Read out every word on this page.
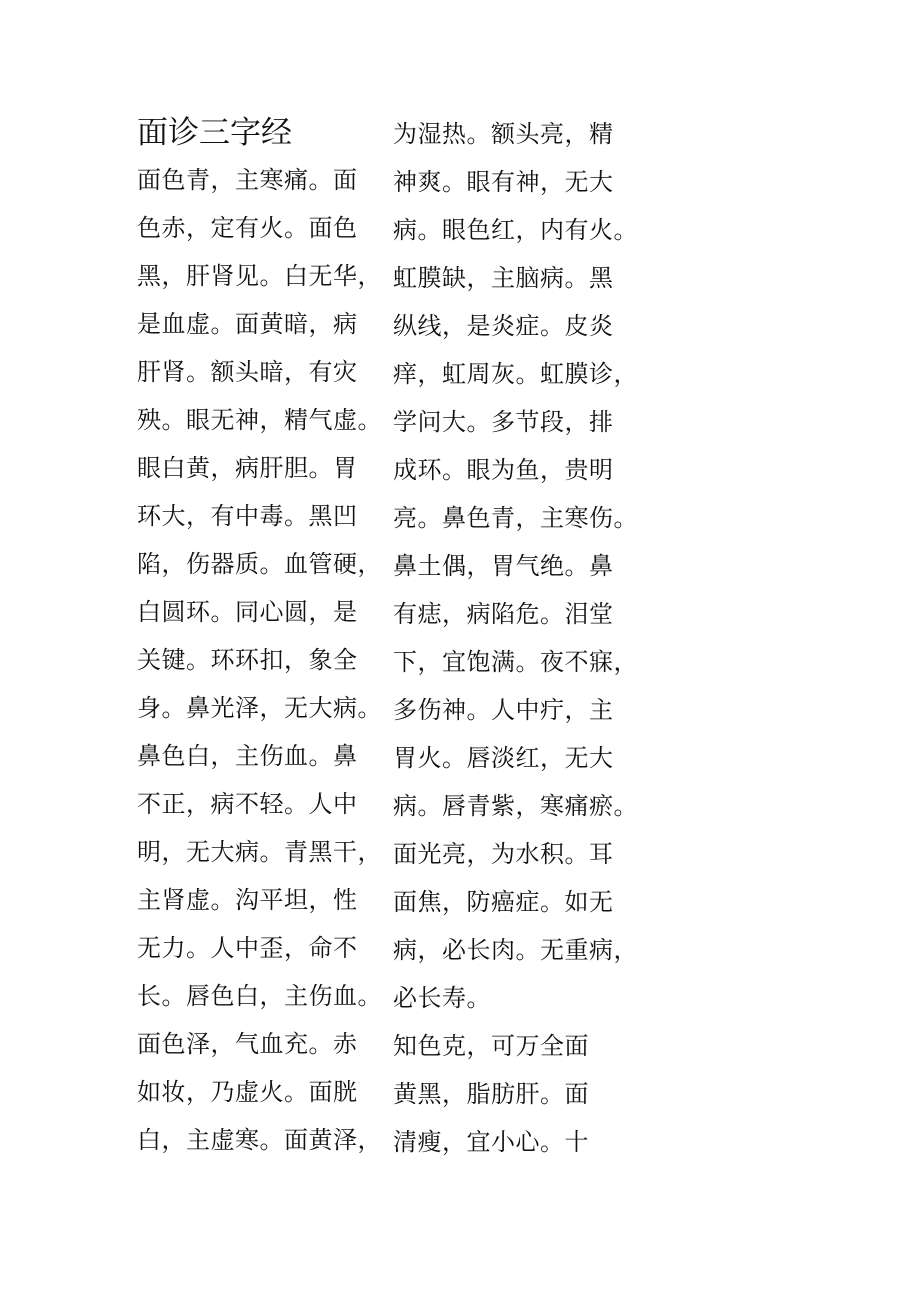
面诊三字经
面色青，主寒痛。面
色赤，定有火。面色
黑，肝肾见。白无华，
是血虚。面黄暗，病
肝肾。额头暗，有灾
殃。眼无神，精气虚。
眼白黄，病肝胆。胃
环大，有中毒。黑凹
陷，伤器质。血管硬，
白圆环。同心圆，是
关键。环环扣，象全
身。鼻光泽，无大病。
鼻色白，主伤血。鼻
不正，病不轻。人中
明，无大病。青黑干，
主肾虚。沟平坦，性
无力。人中歪，命不
长。唇色白，主伤血。
面色泽，气血充。赤
如妆，乃虚火。面胱
白，主虚寒。面黄泽，
为湿热。额头亮，精
神爽。眼有神，无大
病。眼色红，内有火。
虹膜缺，主脑病。黑
纵线，是炎症。皮炎
痒，虹周灰。虹膜诊，
学问大。多节段，排
成环。眼为鱼，贵明
亮。鼻色青，主寒伤。
鼻土偶，胃气绝。鼻
有痣，病陷危。泪堂
下，宜饱满。夜不寐，
多伤神。人中疔，主
胃火。唇淡红，无大
病。唇青紫，寒痛瘀。
面光亮，为水积。耳
面焦，防癌症。如无
病，必长肉。无重病，
必长寿。
知色克，可万全面
黄黑，脂肪肝。面
清瘦，宜小心。十
